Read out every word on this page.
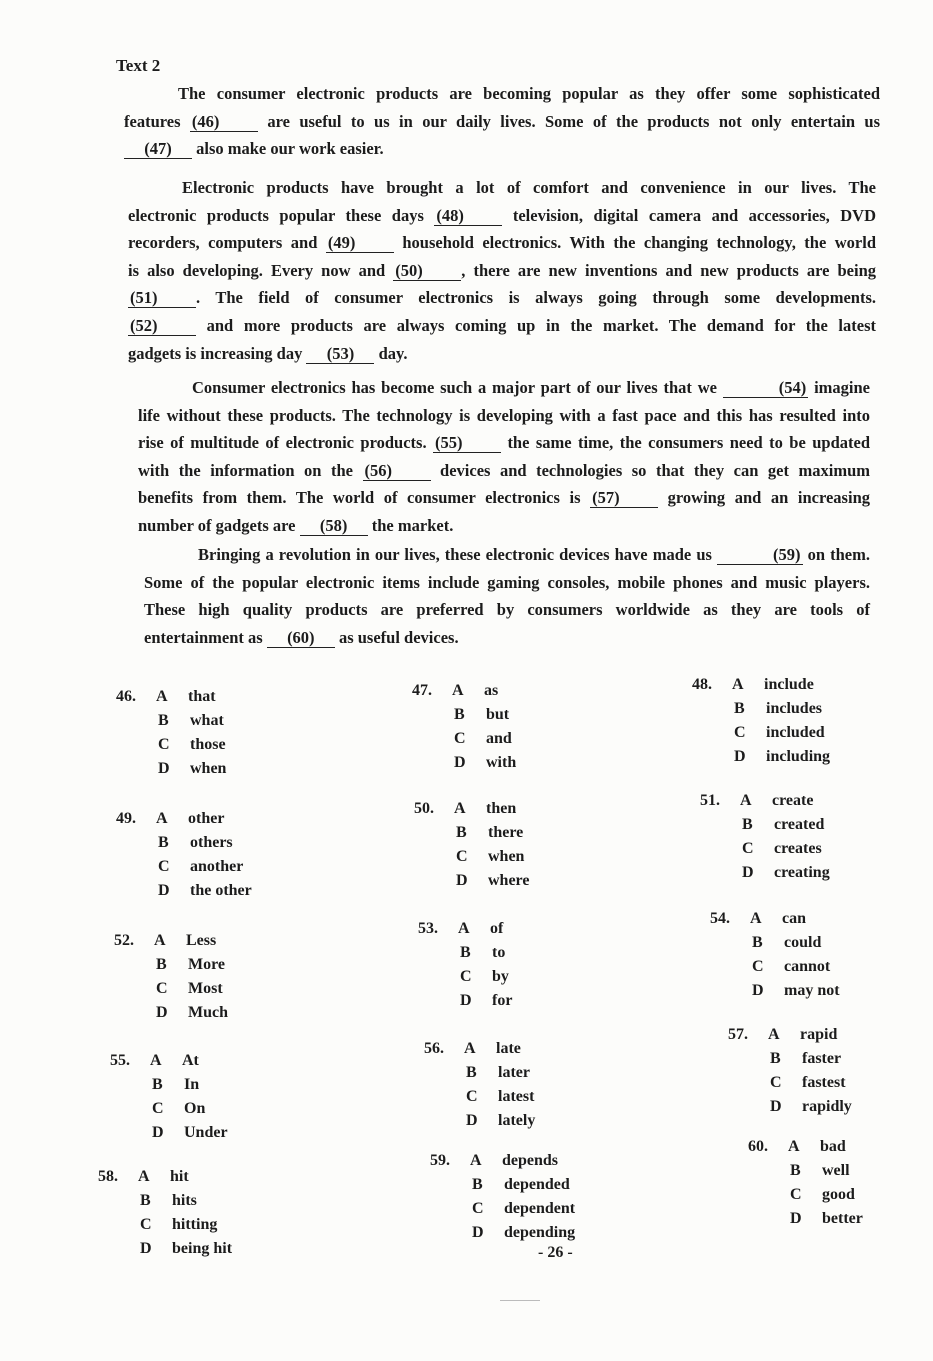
Text 2
The consumer electronic products are becoming popular as they offer some sophisticated
features (46) are useful to us in our daily lives. Some of the products not only entertain us
(47) also make our work easier.
Electronic products have brought a lot of comfort and convenience in our lives. The
electronic products popular these days (48) television, digital camera and accessories, DVD
recorders, computers and (49) household electronics. With the changing technology, the world
is also developing. Every now and (50) , there are new inventions and new products are being
(51) . The field of consumer electronics is always going through some developments.
(52) and more products are always coming up in the market. The demand for the latest
gadgets is increasing day (53) day.
Consumer electronics has become such a major part of our lives that we	(54) imagine
life without these products. The technology is developing with a fast pace and this has resulted into
rise of multitude of electronic products. (55) the same time, the consumers need to be updated
with the information on the (56) devices and technologies so that they can get maximum
benefits from them. The world of consumer electronics is (57) growing and an increasing
number of gadgets are (58) the market.
Bringing a revolution in our lives, these electronic devices have made us	(59) on them.
Some of the popular electronic items include gaming consoles, mobile phones and music players.
These high quality products are preferred by consumers worldwide as they are tools of
entertainment as (60) as useful devices.
46. A that
B what
C those
D when
47. A as
B but
C and
D with
48. A include
B includes
C included
D including
49. A other
B others
C another
D the other
50. A then
B there
C when
D where
51. A create
B created
C creates
D creating
52. A Less
B More
C Most
D Much
53. A of
B to
C by
D for
54. A can
B could
C cannot
D may not
55. A At
B In
C On
D Under
56. A late
B later
C latest
D lately
57. A rapid
B faster
C fastest
D rapidly
58. A hit
B hits
C hitting
D being hit
59. A depends
B depended
C dependent
D depending
60. A bad
B well
C good
D better
- 26 -
